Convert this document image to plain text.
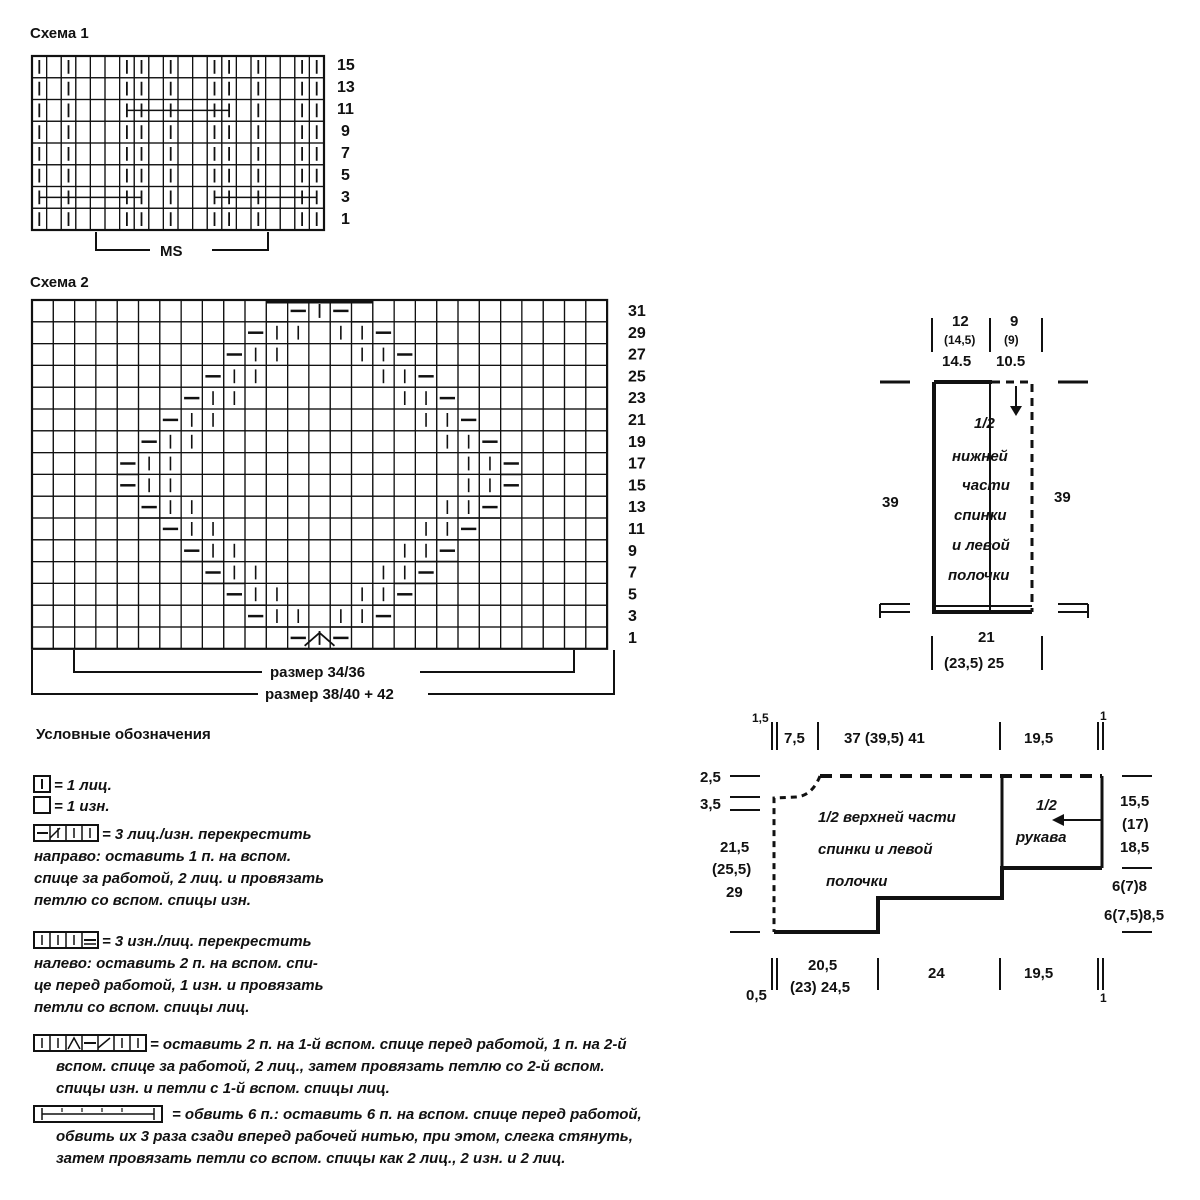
Схема 1
15
13
11
9
7
5
3
1
MS
Схема 2
31
29
27
25
23
21
19
17
15
13
11
9
7
5
3
1
размер 34/36
размер 38/40 + 42
Условные обозначения
= 1 лиц.
= 1 изн.
= 3 лиц./изн. перекрестить
направо: оставить 1 п. на вспом.
спице за работой, 2 лиц. и провязать
петлю со вспом. спицы изн.
= 3 изн./лиц. перекрестить
налево: оставить 2 п. на вспом. спи-
це перед работой, 1 изн. и провязать
петли со вспом. спицы лиц.
= оставить 2 п. на 1-й вспом. спице перед работой, 1 п. на 2-й
вспом. спице за работой, 2 лиц., затем провязать петлю со 2-й вспом.
спицы изн. и петли с 1-й вспом. спицы лиц.
= обвить 6 п.: оставить 6 п. на вспом. спице перед работой,
обвить их 3 раза сзади вперед рабочей нитью, при этом, слегка стянуть,
затем провязать петли со вспом. спицы как 2 лиц., 2 изн. и 2 лиц.
12
(14,5)
14.5
9
(9)
10.5
39	39
21
(23,5) 25
1/2
нижней
части
спинки
и левой
полочки
1,5
7,5	37 (39,5) 41	19,5
1
2,5
3,5
21,5
(25,5)
29
15,5
(17)
18,5
6(7)8
6(7,5)8,5
0,5
20,5
(23) 24,5
24	19,5
1
1/2 верхней части
спинки и левой
полочки
1/2
рукава
